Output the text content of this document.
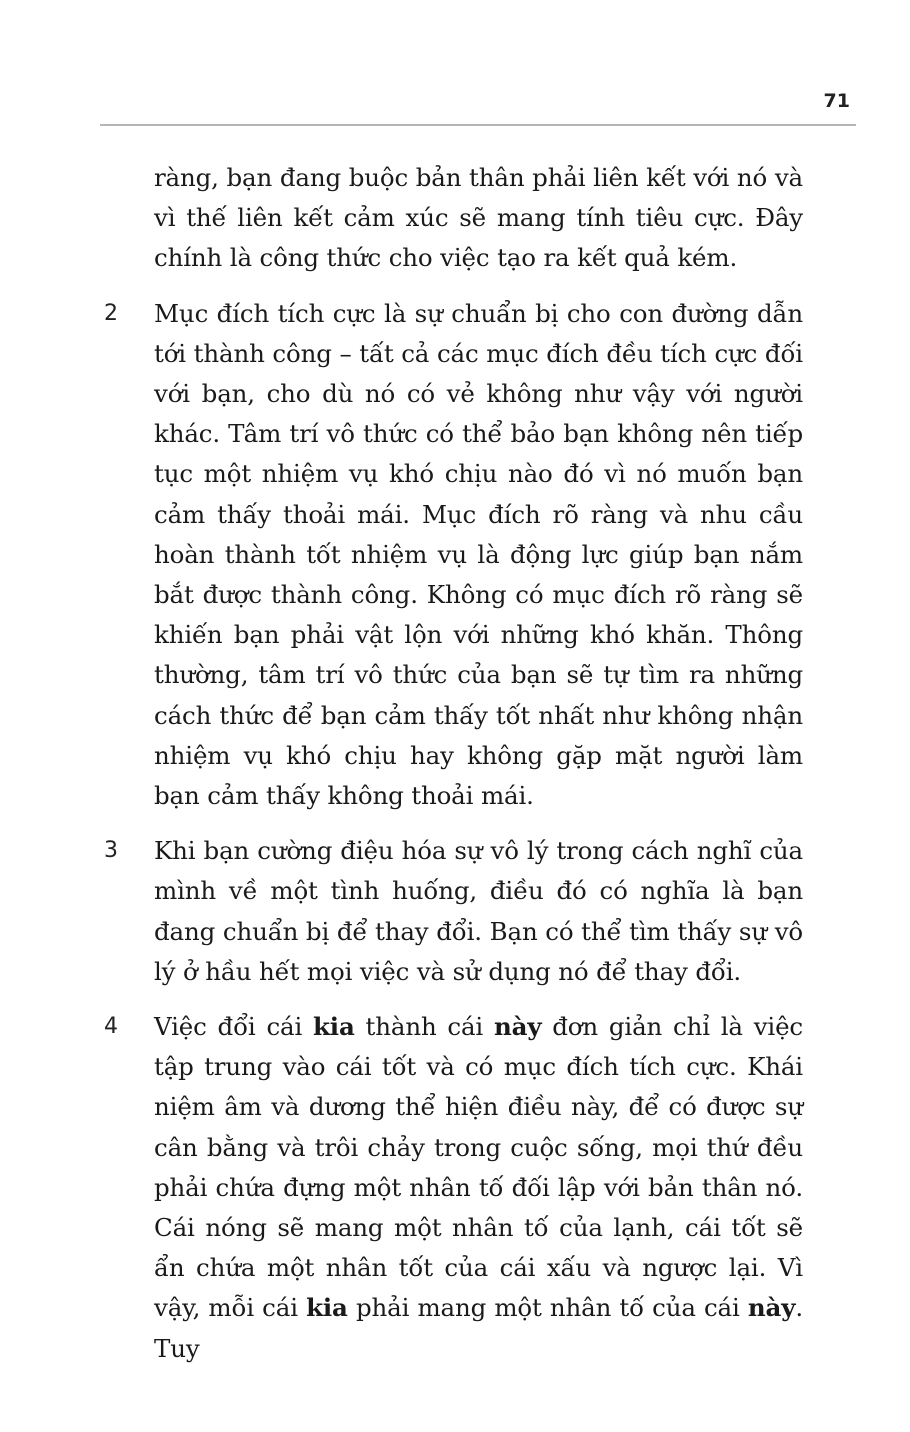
71

ràng, bạn đang buộc bản thân phải liên kết với nó và vì thế liên kết cảm xúc sẽ mang tính tiêu cực. Đây chính là công thức cho việc tạo ra kết quả kém.

2 Mục đích tích cực là sự chuẩn bị cho con đường dẫn tới thành công – tất cả các mục đích đều tích cực đối với bạn, cho dù nó có vẻ không như vậy với người khác. Tâm trí vô thức có thể bảo bạn không nên tiếp tục một nhiệm vụ khó chịu nào đó vì nó muốn bạn cảm thấy thoải mái. Mục đích rõ ràng và nhu cầu hoàn thành tốt nhiệm vụ là động lực giúp bạn nắm bắt được thành công. Không có mục đích rõ ràng sẽ khiến bạn phải vật lộn với những khó khăn. Thông thường, tâm trí vô thức của bạn sẽ tự tìm ra những cách thức để bạn cảm thấy tốt nhất như không nhận nhiệm vụ khó chịu hay không gặp mặt người làm bạn cảm thấy không thoải mái.

3 Khi bạn cường điệu hóa sự vô lý trong cách nghĩ của mình về một tình huống, điều đó có nghĩa là bạn đang chuẩn bị để thay đổi. Bạn có thể tìm thấy sự vô lý ở hầu hết mọi việc và sử dụng nó để thay đổi.

4 Việc đổi cái kia thành cái này đơn giản chỉ là việc tập trung vào cái tốt và có mục đích tích cực. Khái niệm âm và dương thể hiện điều này, để có được sự cân bằng và trôi chảy trong cuộc sống, mọi thứ đều phải chứa đựng một nhân tố đối lập với bản thân nó. Cái nóng sẽ mang một nhân tố của lạnh, cái tốt sẽ ẩn chứa một nhân tốt của cái xấu và ngược lại. Vì vậy, mỗi cái kia phải mang một nhân tố của cái này. Tuy
